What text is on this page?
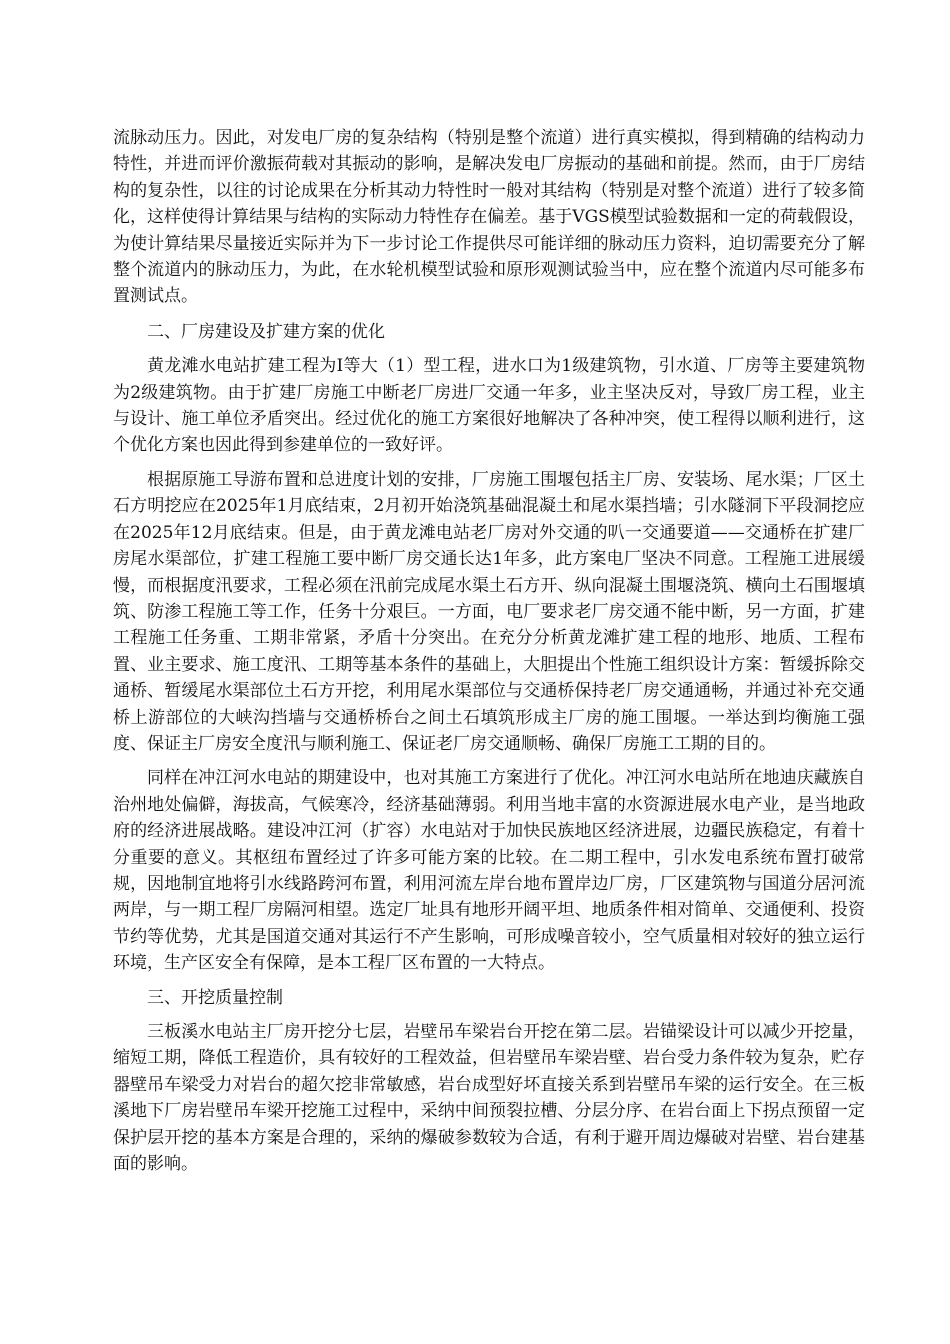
流脉动压力。因此，对发电厂房的复杂结构（特别是整个流道）进行真实模拟，得到精确的结构动力特性，并进而评价激振荷载对其振动的影响，是解决发电厂房振动的基础和前提。然而，由于厂房结构的复杂性，以往的讨论成果在分析其动力特性时一般对其结构（特别是对整个流道）进行了较多简化，这样使得计算结果与结构的实际动力特性存在偏差。基于VGS模型试验数据和一定的荷载假设，为使计算结果尽量接近实际并为下一步讨论工作提供尽可能详细的脉动压力资料，迫切需要充分了解整个流道内的脉动压力，为此，在水轮机模型试验和原形观测试验当中，应在整个流道内尽可能多布置测试点。

二、厂房建设及扩建方案的优化

黄龙滩水电站扩建工程为Ⅰ等大（1）型工程，进水口为1级建筑物，引水道、厂房等主要建筑物为2级建筑物。由于扩建厂房施工中断老厂房进厂交通一年多，业主坚决反对，导致厂房工程，业主与设计、施工单位矛盾突出。经过优化的施工方案很好地解决了各种冲突，使工程得以顺利进行，这个优化方案也因此得到参建单位的一致好评。

根据原施工导游布置和总进度计划的安排，厂房施工围堰包括主厂房、安装场、尾水渠；厂区土石方明挖应在2025年1月底结束，2月初开始浇筑基础混凝土和尾水渠挡墙；引水隧洞下平段洞挖应在2025年12月底结束。但是，由于黄龙滩电站老厂房对外交通的叭一交通要道——交通桥在扩建厂房尾水渠部位，扩建工程施工要中断厂房交通长达1年多，此方案电厂坚决不同意。工程施工进展缓慢，而根据度汛要求，工程必须在汛前完成尾水渠土石方开、纵向混凝土围堰浇筑、横向土石围堰填筑、防渗工程施工等工作，任务十分艰巨。一方面，电厂要求老厂房交通不能中断，另一方面，扩建工程施工任务重、工期非常紧，矛盾十分突出。在充分分析黄龙滩扩建工程的地形、地质、工程布置、业主要求、施工度汛、工期等基本条件的基础上，大胆提出个性施工组织设计方案：暂缓拆除交通桥、暂缓尾水渠部位土石方开挖，利用尾水渠部位与交通桥保持老厂房交通通畅，并通过补充交通桥上游部位的大峡沟挡墙与交通桥桥台之间土石填筑形成主厂房的施工围堰。一举达到均衡施工强度、保证主厂房安全度汛与顺利施工、保证老厂房交通顺畅、确保厂房施工工期的目的。

同样在冲江河水电站的期建设中，也对其施工方案进行了优化。冲江河水电站所在地迪庆藏族自治州地处偏僻，海拔高，气候寒冷，经济基础薄弱。利用当地丰富的水资源进展水电产业，是当地政府的经济进展战略。建设冲江河（扩容）水电站对于加快民族地区经济进展，边疆民族稳定，有着十分重要的意义。其枢纽布置经过了许多可能方案的比较。在二期工程中，引水发电系统布置打破常规，因地制宜地将引水线路跨河布置，利用河流左岸台地布置岸边厂房，厂区建筑物与国道分居河流两岸，与一期工程厂房隔河相望。选定厂址具有地形开阔平坦、地质条件相对简单、交通便利、投资节约等优势，尤其是国道交通对其运行不产生影响，可形成噪音较小，空气质量相对较好的独立运行环境，生产区安全有保障，是本工程厂区布置的一大特点。

三、开挖质量控制

三板溪水电站主厂房开挖分七层，岩壁吊车梁岩台开挖在第二层。岩锚梁设计可以减少开挖量，缩短工期，降低工程造价，具有较好的工程效益，但岩壁吊车梁岩壁、岩台受力条件较为复杂，贮存器壁吊车梁受力对岩台的超欠挖非常敏感，岩台成型好坏直接关系到岩壁吊车梁的运行安全。在三板溪地下厂房岩壁吊车梁开挖施工过程中，采纳中间预裂拉槽、分层分序、在岩台面上下拐点预留一定保护层开挖的基本方案是合理的，采纳的爆破参数较为合适，有利于避开周边爆破对岩壁、岩台建基面的影响。
